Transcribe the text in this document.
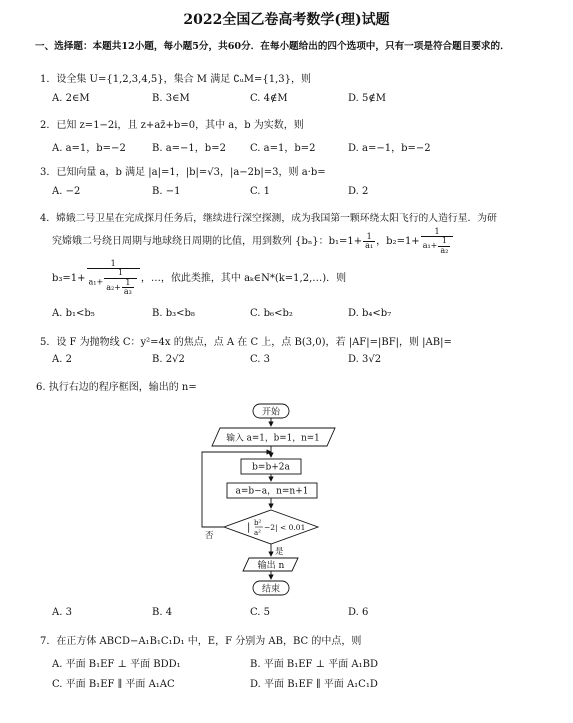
2022全国乙卷高考数学(理)试题
一、选择题：本题共12小题，每小题5分，共60分．在每小题给出的四个选项中，只有一项是符合题目要求的．
1．设全集 U={1,2,3,4,5}，集合 M 满足 ∁ᵤM={1,3}，则
A. 2∈M	B. 3∈M	C. 4∉M	D. 5∉M
2．已知 z=1−2i，且 z+az̄+b=0，其中 a，b 为实数，则
A. a=1，b=−2	B. a=−1，b=2 C. a=1，b=2	D. a=−1，b=−2
3．已知向量 a，b 满足 |a|=1，|b|=√3，|a−2b|=3，则 a·b=
A. −2	B. −1	C. 1	D. 2
4．嫦娥二号卫星在完成探月任务后，继续进行深空探测，成为我国第一颗环绕太阳飞行的人造行星．为研
究嫦娥二号绕日周期与地球绕日周期的比值，用到数列 {bₙ}：$b_1=1+ \frac{1}{\text{a₁}}$ ，$b_2=1+ \frac{1}{a_1+ \frac{1}{\text{a₂}}}$
$b_3=1+ \frac{1}{a_1+ \frac{1}{a_2+ \frac{1}{\text{a₃}}}}$ ，…，依此类推，其中 aₖ∈N*(k=1,2,…)．则
A. b₁<b₅	B. b₃<b₈	C. b₆<b₂	D. b₄<b₇
5．设 F 为抛物线 C：y²=4x 的焦点，点 A 在 C 上，点 B(3,0)，若 |AF|=|BF|，则 |AB|=
A. 2	B. 2√2	C. 3	D. 3√2
6. 执行右边的程序框图，输出的 n=
开始
输入 a=1，b=1，n=1
b=b+2a
a=b−a，n=n+1
| b²
a²
−2| < 0.01
是
否
输出 n
结束
A. 3	B. 4	C. 5	D. 6
7．在正方体 ABCD−A₁B₁C₁D₁ 中，E，F 分别为 AB，BC 的中点，则
A. 平面 B₁EF ⊥ 平面 BDD₁	B. 平面 B₁EF ⊥ 平面 A₁BD
C. 平面 B₁EF ∥ 平面 A₁AC	D. 平面 B₁EF ∥ 平面 A₁C₁D
